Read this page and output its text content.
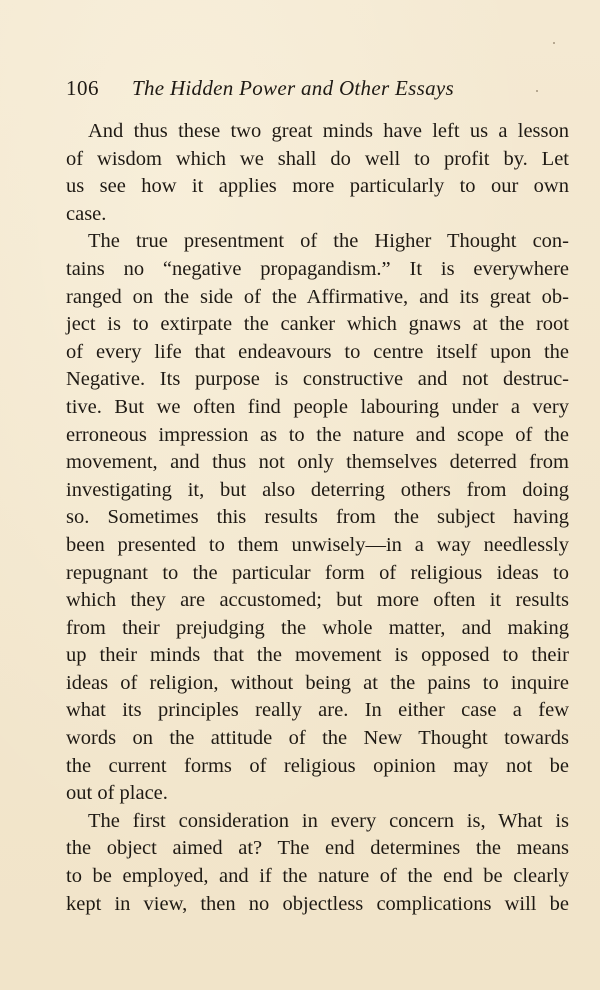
106 The Hidden Power and Other Essays
And thus these two great minds have left us a lesson
of wisdom which we shall do well to profit by. Let
us see how it applies more particularly to our own
case.
The true presentment of the Higher Thought con-
tains no “negative propagandism.” It is everywhere
ranged on the side of the Affirmative, and its great ob-
ject is to extirpate the canker which gnaws at the root
of every life that endeavours to centre itself upon the
Negative. Its purpose is constructive and not destruc-
tive. But we often find people labouring under a very
erroneous impression as to the nature and scope of the
movement, and thus not only themselves deterred from
investigating it, but also deterring others from doing
so. Sometimes this results from the subject having
been presented to them unwisely—in a way needlessly
repugnant to the particular form of religious ideas to
which they are accustomed; but more often it results
from their prejudging the whole matter, and making
up their minds that the movement is opposed to their
ideas of religion, without being at the pains to inquire
what its principles really are. In either case a few
words on the attitude of the New Thought towards
the current forms of religious opinion may not be
out of place.
The first consideration in every concern is, What is
the object aimed at? The end determines the means
to be employed, and if the nature of the end be clearly
kept in view, then no objectless complications will be
